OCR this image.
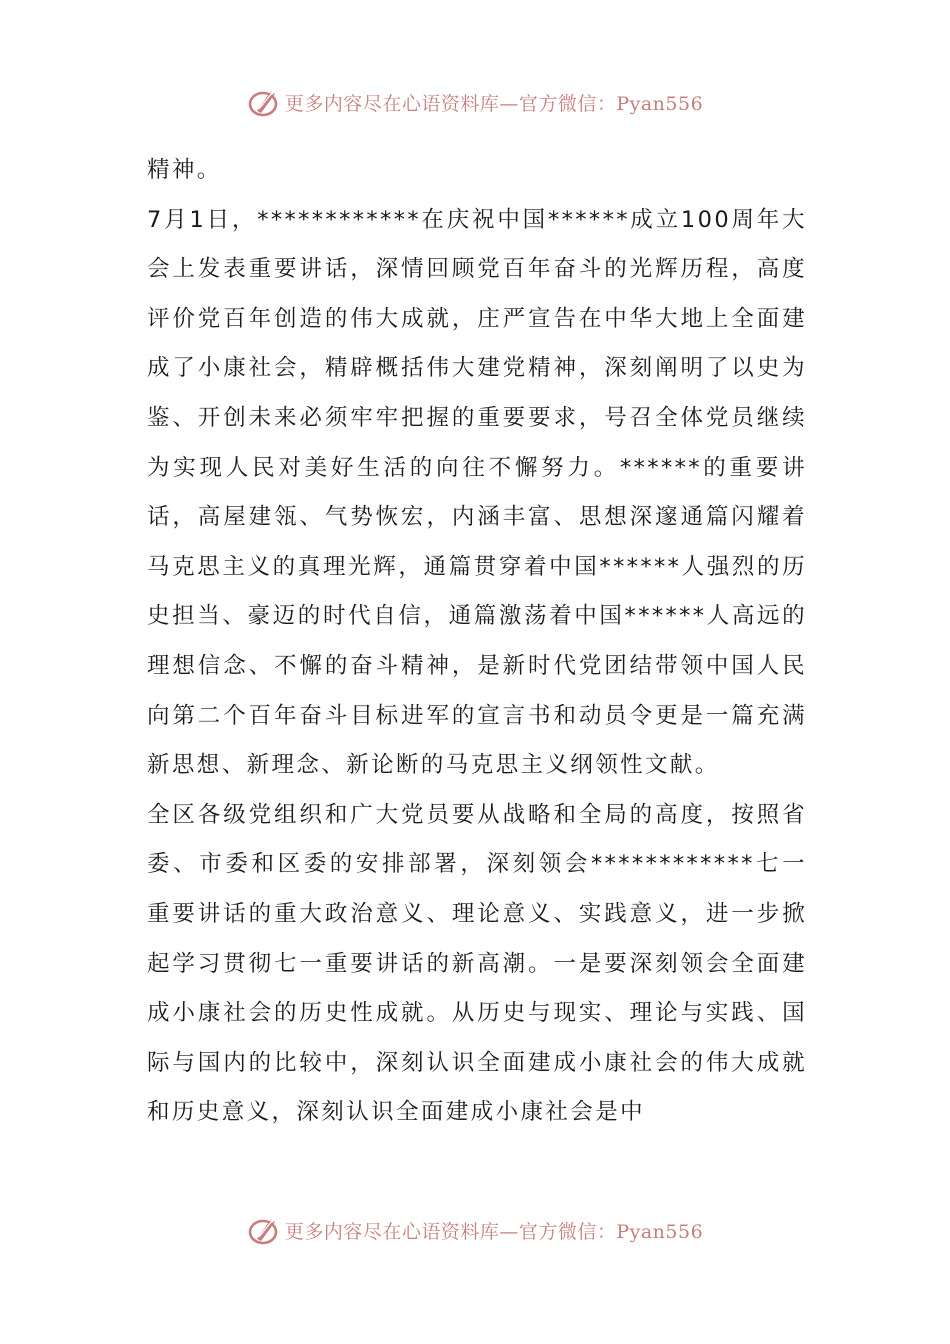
更多内容尽在心语资料库—官方微信：Pyan556

精神。

7月1日，************在庆祝中国******成立100周年大会上发表重要讲话，深情回顾党百年奋斗的光辉历程，高度评价党百年创造的伟大成就，庄严宣告在中华大地上全面建成了小康社会，精辟概括伟大建党精神，深刻阐明了以史为鉴、开创未来必须牢牢把握的重要要求，号召全体党员继续为实现人民对美好生活的向往不懈努力。******的重要讲话，高屋建瓴、气势恢宏，内涵丰富、思想深邃通篇闪耀着马克思主义的真理光辉，通篇贯穿着中国******人强烈的历史担当、豪迈的时代自信，通篇激荡着中国******人高远的理想信念、不懈的奋斗精神，是新时代党团结带领中国人民向第二个百年奋斗目标进军的宣言书和动员令更是一篇充满新思想、新理念、新论断的马克思主义纲领性文献。

全区各级党组织和广大党员要从战略和全局的高度，按照省委、市委和区委的安排部署，深刻领会************七一重要讲话的重大政治意义、理论意义、实践意义，进一步掀起学习贯彻七一重要讲话的新高潮。一是要深刻领会全面建成小康社会的历史性成就。从历史与现实、理论与实践、国际与国内的比较中，深刻认识全面建成小康社会的伟大成就和历史意义，深刻认识全面建成小康社会是中

更多内容尽在心语资料库—官方微信：Pyan556
